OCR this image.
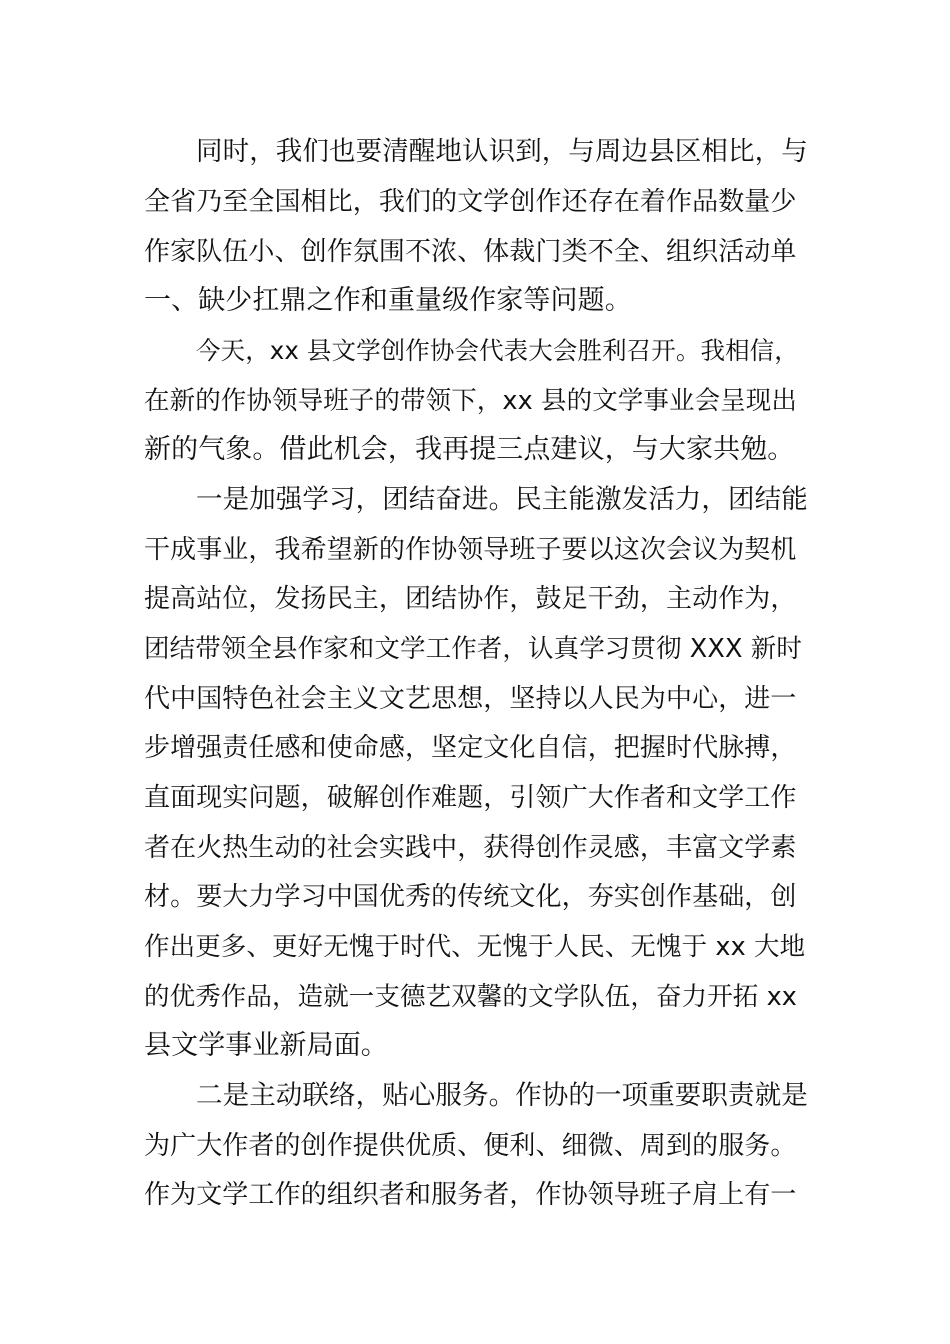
同时，我们也要清醒地认识到，与周边县区相比，与
全省乃至全国相比，我们的文学创作还存在着作品数量少
作家队伍小、创作氛围不浓、体裁门类不全、组织活动单
一、缺少扛鼎之作和重量级作家等问题。
今天，xx 县文学创作协会代表大会胜利召开。我相信，
在新的作协领导班子的带领下，xx 县的文学事业会呈现出
新的气象。借此机会，我再提三点建议，与大家共勉。
一是加强学习，团结奋进。民主能激发活力，团结能
干成事业，我希望新的作协领导班子要以这次会议为契机
提高站位，发扬民主，团结协作，鼓足干劲，主动作为，
团结带领全县作家和文学工作者，认真学习贯彻 XXX 新时
代中国特色社会主义文艺思想，坚持以人民为中心，进一
步增强责任感和使命感，坚定文化自信，把握时代脉搏，
直面现实问题，破解创作难题，引领广大作者和文学工作
者在火热生动的社会实践中，获得创作灵感，丰富文学素
材。要大力学习中国优秀的传统文化，夯实创作基础，创
作出更多、更好无愧于时代、无愧于人民、无愧于 xx 大地
的优秀作品，造就一支德艺双馨的文学队伍，奋力开拓 xx
县文学事业新局面。
二是主动联络，贴心服务。作协的一项重要职责就是
为广大作者的创作提供优质、便利、细微、周到的服务。
作为文学工作的组织者和服务者，作协领导班子肩上有一
